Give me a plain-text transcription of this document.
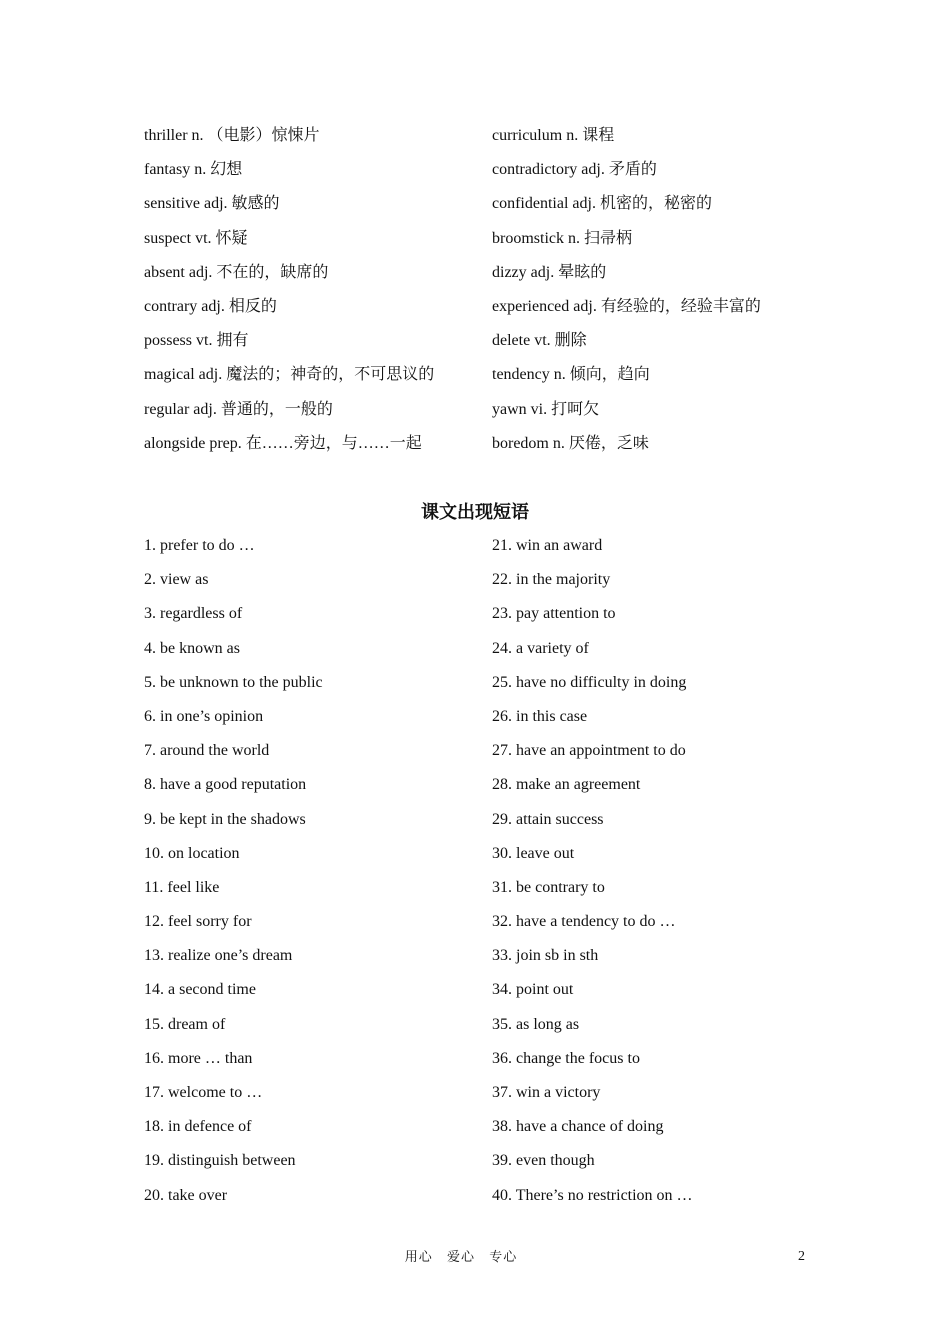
thriller n. （电影）惊悚片
fantasy n. 幻想
sensitive adj. 敏感的
suspect vt. 怀疑
absent adj. 不在的，缺席的
contrary adj. 相反的
possess vt. 拥有
magical adj. 魔法的；神奇的，不可思议的
regular adj. 普通的，一般的
alongside prep. 在……旁边，与……一起
curriculum n. 课程
contradictory adj. 矛盾的
confidential adj. 机密的，秘密的
broomstick n. 扫帚柄
dizzy adj. 晕眩的
experienced adj. 有经验的，经验丰富的
delete vt. 删除
tendency n. 倾向，趋向
yawn vi. 打呵欠
boredom n. 厌倦，乏味
课文出现短语
1. prefer to do …
2. view as
3. regardless of
4. be known as
5. be unknown to the public
6. in one’s opinion
7. around the world
8. have a good reputation
9. be kept in the shadows
10. on location
11. feel like
12. feel sorry for
13. realize one’s dream
14. a second time
15. dream of
16. more … than
17. welcome to …
18. in defence of
19. distinguish between
20. take over
21. win an award
22. in the majority
23. pay attention to
24. a variety of
25. have no difficulty in doing
26. in this case
27. have an appointment to do
28. make an agreement
29. attain success
30. leave out
31. be contrary to
32. have a tendency to do …
33. join sb in sth
34. point out
35. as long as
36. change the focus to
37. win a victory
38. have a chance of doing
39. even though
40. There’s no restriction on …
用心 爱心 专心	2
